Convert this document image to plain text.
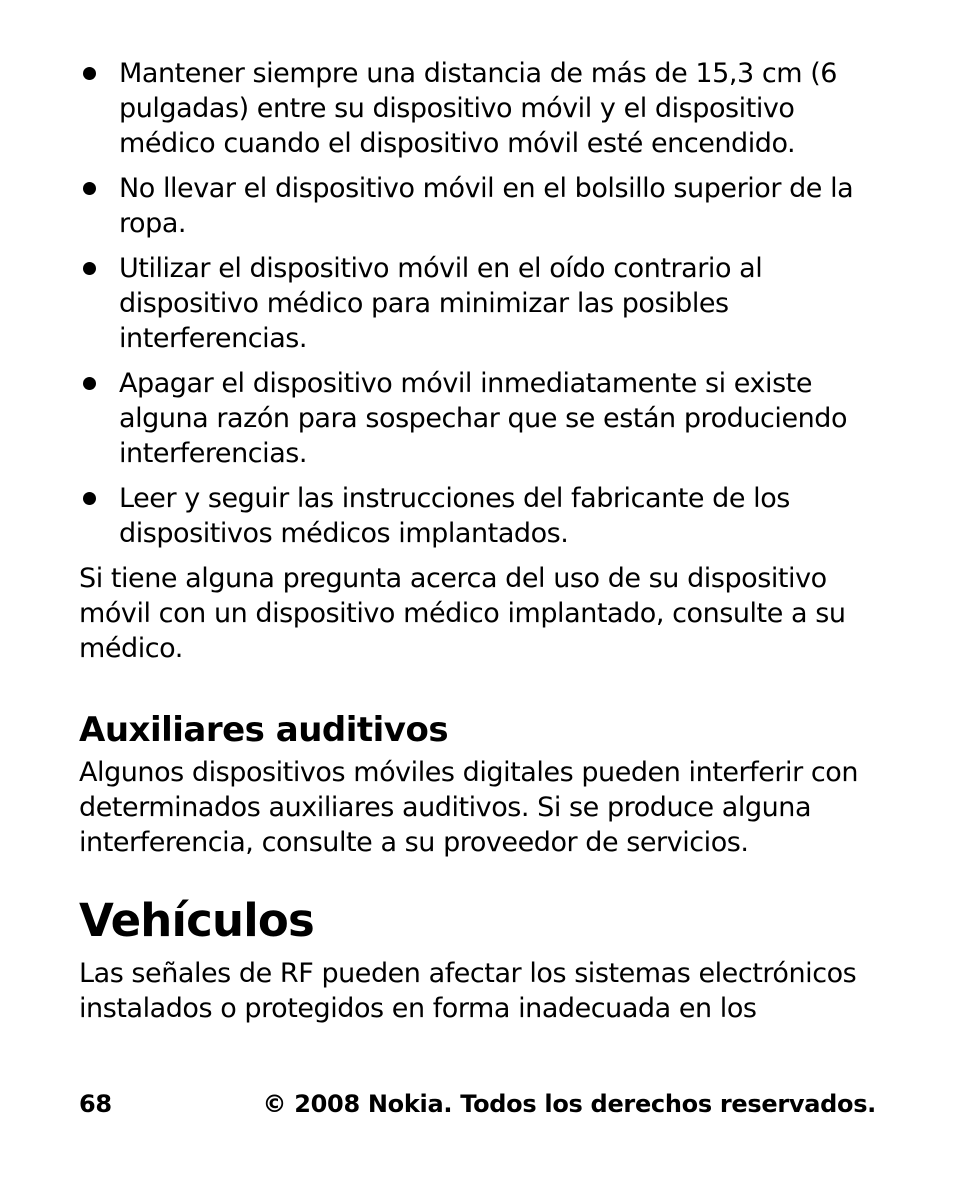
Mantener siempre una distancia de más de 15,3 cm (6 pulgadas) entre su dispositivo móvil y el dispositivo médico cuando el dispositivo móvil esté encendido.
No llevar el dispositivo móvil en el bolsillo superior de la ropa.
Utilizar el dispositivo móvil en el oído contrario al dispositivo médico para minimizar las posibles interferencias.
Apagar el dispositivo móvil inmediatamente si existe alguna razón para sospechar que se están produciendo interferencias.
Leer y seguir las instrucciones del fabricante de los dispositivos médicos implantados.

Si tiene alguna pregunta acerca del uso de su dispositivo móvil con un dispositivo médico implantado, consulte a su médico.

Auxiliares auditivos

Algunos dispositivos móviles digitales pueden interferir con determinados auxiliares auditivos. Si se produce alguna interferencia, consulte a su proveedor de servicios.

Vehículos

Las señales de RF pueden afectar los sistemas electrónicos instalados o protegidos en forma inadecuada en los

68	© 2008 Nokia. Todos los derechos reservados.
